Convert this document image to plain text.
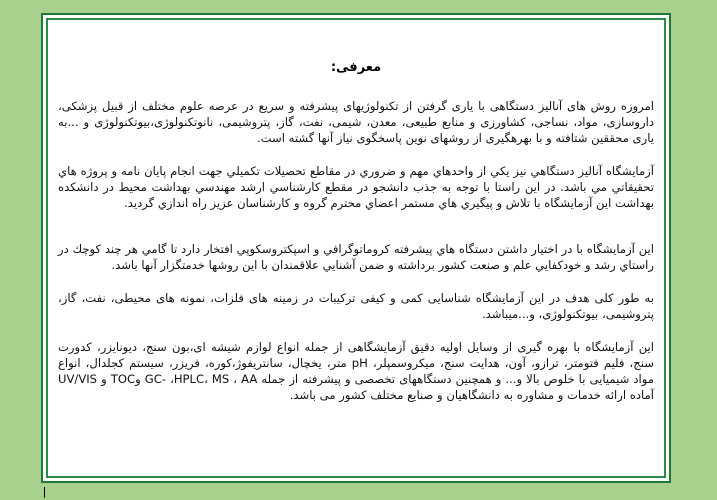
معرفی:

امروزه روش های آنالیز دستگاهی با یاری گرفتن از تکنولوژیهای پیشرفته و سریع در عرصه علوم مختلف از قبیل پزشکی، داروسازی، مواد، نساجی، کشاورزی و منابع طبیعی، معدن، شیمی، نفت، گاز، پتروشیمی، نانوتکنولوژی،بیوتکنولوژی و ...به یاری محققین شتافته و با بهرهگیری از روشهای نوین پاسخگوی نیاز آنها گشته است.

آزمايشگاه آناليز دستگاهي نيز يكي از واحدهاي مهم و ضروري در مقاطع تحصيلات تكميلي جهت انجام پايان نامه و پروژه هاي تحقيقاتي مي باشد. در اين راستا با توجه به جذب دانشجو در مقطع كارشناسي ارشد مهندسي بهداشت محيط در دانشكده بهداشت اين آزمايشگاه با تلاش و پيگيري هاي مستمر اعضاي محترم گروه و كارشناسان عزيز راه اندازي گرديد.

اين آزمايشگاه با در اختيار داشتن دستگاه هاي پيشرفته كروماتوگرافي و اسپكتروسكوپي افتخار دارد تا گامي هر چند كوچك در راستاي رشد و خودكفايي علم و صنعت كشور برداشته و ضمن آشنايي علاقمندان با اين روشها خدمتگزار آنها باشد.

به طور كلی هدف در اين آزمايشگاه شناسايی كمی و كيفی تركيبات در زمينه های فلزات، نمونه های محيطی، نفت، گاز، پتروشيمی، بيوتكنولوژی، و...ميباشد.

این آزمایشگاه با بهره گیری از وسایل اولیه دقیق آزمایشگاهی از جمله انواع لوازم شیشه ای،بون سنج، دیونایزر، کدورت سنج، فلیم فتومتر، ترازو، آون، هدایت سنج، میکروسمپلر، pH متر، یخچال، سانتریفوژ،کوره، فریزر، سیستم کجلدال، انواع مواد شیمیایی با خلوص بالا و... و همچنین دستگاههای تخصصی و پیشرفته از جمله GC- ،HPLC، MS ، AA وTOC و UV/VIS آماده ارائه خدمات و مشاوره به دانشگاهیان و صنایع مختلف کشور می باشد.
